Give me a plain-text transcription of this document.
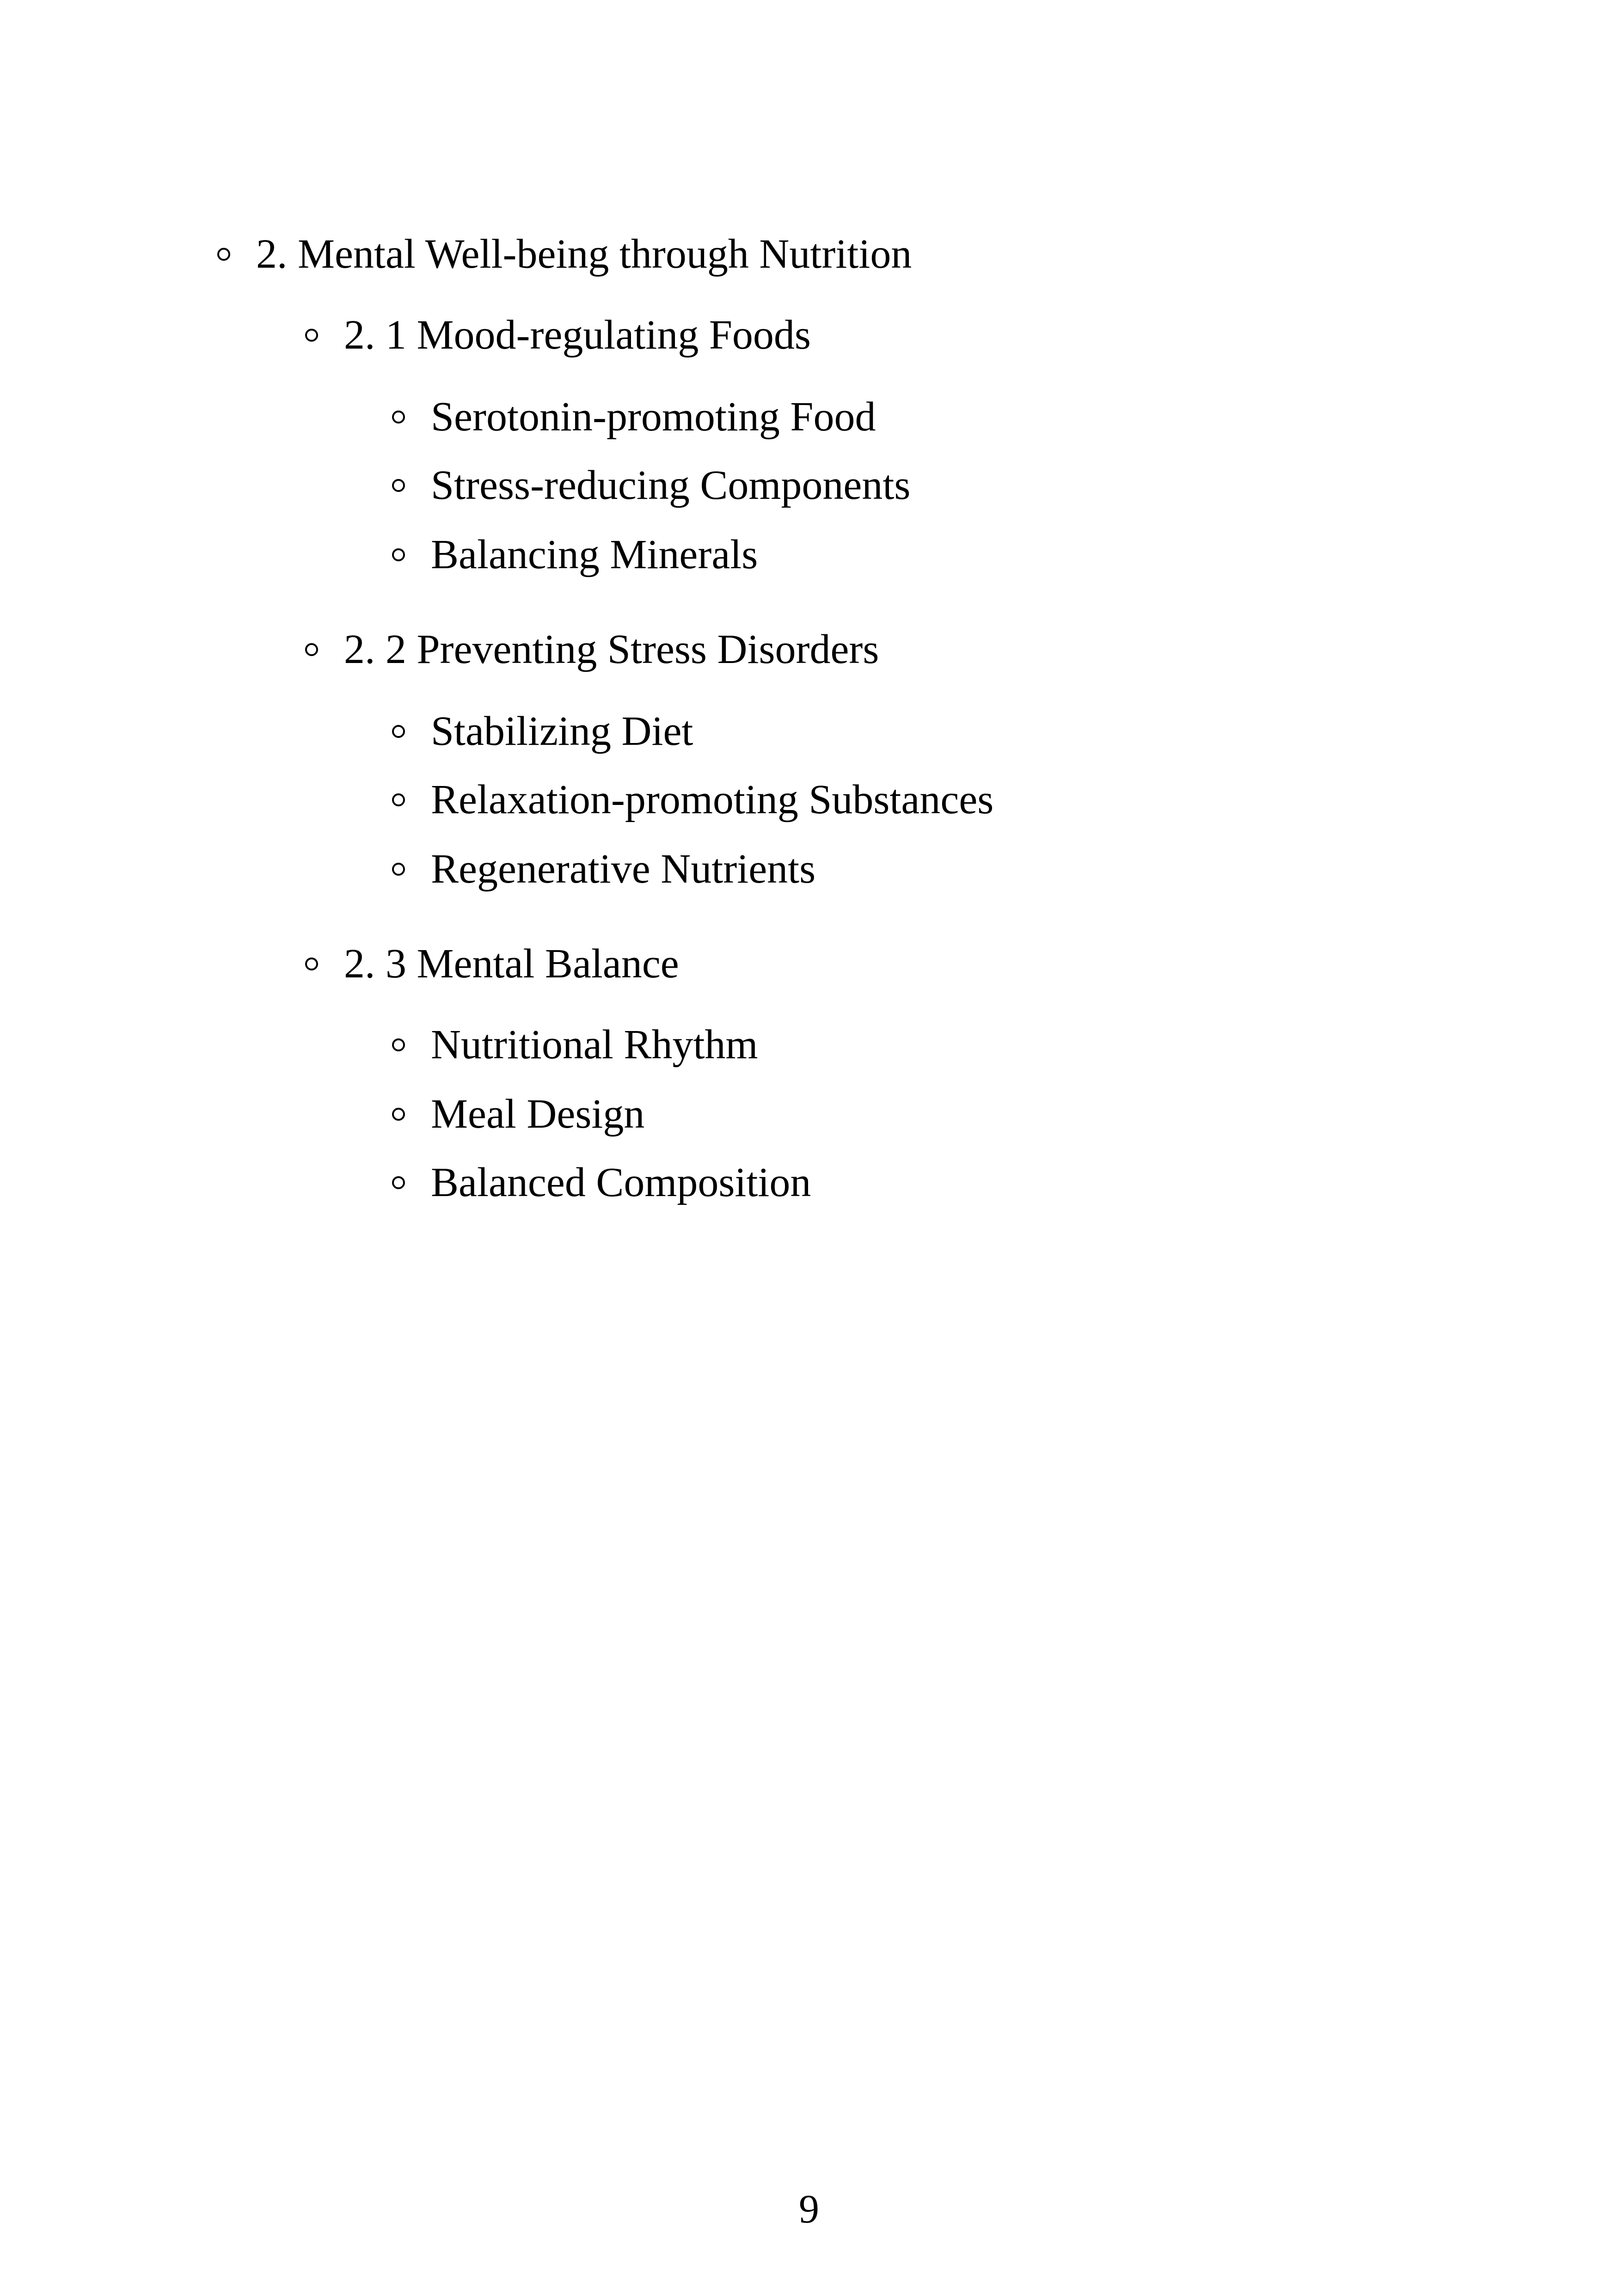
2. Mental Well-being through Nutrition
2. 1 Mood-regulating Foods
Serotonin-promoting Food
Stress-reducing Components
Balancing Minerals
2. 2 Preventing Stress Disorders
Stabilizing Diet
Relaxation-promoting Substances
Regenerative Nutrients
2. 3 Mental Balance
Nutritional Rhythm
Meal Design
Balanced Composition
9
